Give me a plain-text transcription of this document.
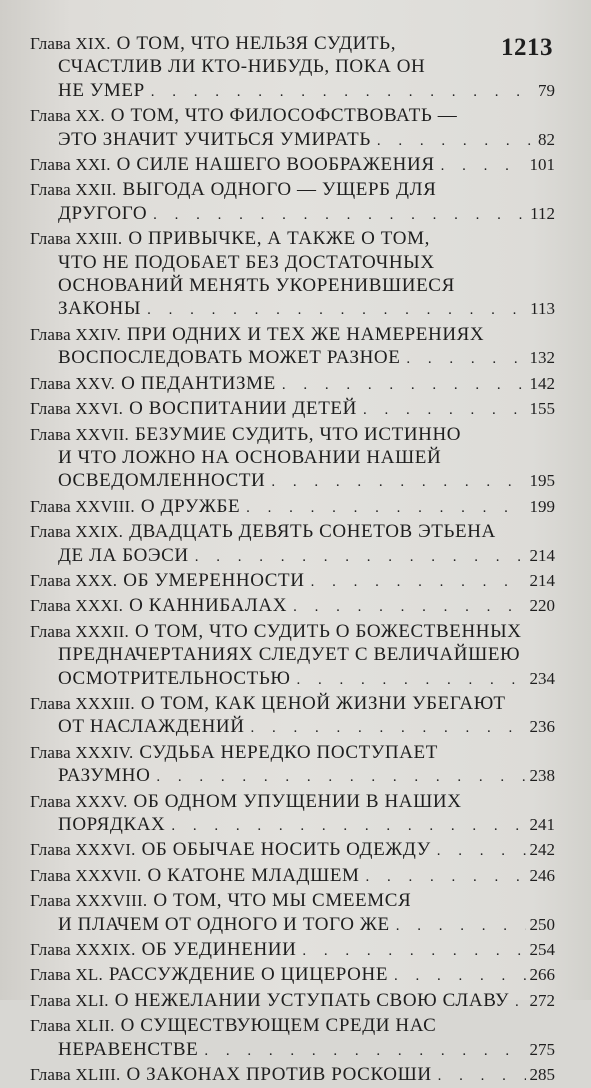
1213
Глава XIX. О ТОМ, ЧТО НЕЛЬЗЯ СУДИТЬ,
СЧАСТЛИВ ЛИ КТО-НИБУДЬ, ПОКА ОН
НЕ УМЕР . . .	79
Глава XX. О ТОМ, ЧТО ФИЛОСОФСТВОВАТЬ —
ЭТО ЗНАЧИТ УЧИТЬСЯ УМИРАТЬ . . .	82
Глава XXI. О СИЛЕ НАШЕГО ВООБРАЖЕНИЯ . . .	101
Глава XXII. ВЫГОДА ОДНОГО — УЩЕРБ ДЛЯ
ДРУГОГО . . .	112
Глава XXIII. О ПРИВЫЧКЕ, А ТАКЖЕ О ТОМ,
ЧТО НЕ ПОДОБАЕТ БЕЗ ДОСТАТОЧНЫХ
ОСНОВАНИЙ МЕНЯТЬ УКОРЕНИВШИЕСЯ
ЗАКОНЫ . . .	113
Глава XXIV. ПРИ ОДНИХ И ТЕХ ЖЕ НАМЕРЕНИЯХ
ВОСПОСЛЕДОВАТЬ МОЖЕТ РАЗНОЕ . . .	132
Глава XXV. О ПЕДАНТИЗМЕ . . .	142
Глава XXVI. О ВОСПИТАНИИ ДЕТЕЙ . . .	155
Глава XXVII. БЕЗУМИЕ СУДИТЬ, ЧТО ИСТИННО
И ЧТО ЛОЖНО НА ОСНОВАНИИ НАШЕЙ
ОСВЕДОМЛЕННОСТИ . . .	195
Глава XXVIII. О ДРУЖБЕ . . .	199
Глава XXIX. ДВАДЦАТЬ ДЕВЯТЬ СОНЕТОВ ЭТЬЕНА
ДЕ ЛА БОЭСИ . . .	214
Глава XXX. ОБ УМЕРЕННОСТИ . . .	214
Глава XXXI. О КАННИБАЛАХ . . .	220
Глава XXXII. О ТОМ, ЧТО СУДИТЬ О БОЖЕСТВЕННЫХ
ПРЕДНАЧЕРТАНИЯХ СЛЕДУЕТ С ВЕЛИЧАЙШЕЮ
ОСМОТРИТЕЛЬНОСТЬЮ . . .	234
Глава XXXIII. О ТОМ, КАК ЦЕНОЙ ЖИЗНИ УБЕГАЮТ
ОТ НАСЛАЖДЕНИЙ . . .	236
Глава XXXIV. СУДЬБА НЕРЕДКО ПОСТУПАЕТ
РАЗУМНО . . .	238
Глава XXXV. ОБ ОДНОМ УПУЩЕНИИ В НАШИХ
ПОРЯДКАХ . . .	241
Глава XXXVI. ОБ ОБЫЧАЕ НОСИТЬ ОДЕЖДУ . . .	242
Глава XXXVII. О КАТОНЕ МЛАДШЕМ . . .	246
Глава XXXVIII. О ТОМ, ЧТО МЫ СМЕЕМСЯ
И ПЛАЧЕМ ОТ ОДНОГО И ТОГО ЖЕ . . .	250
Глава XXXIX. ОБ УЕДИНЕНИИ . . .	254
Глава XL. РАССУЖДЕНИЕ О ЦИЦЕРОНЕ . . .	266
Глава XLI. О НЕЖЕЛАНИИ УСТУПАТЬ СВОЮ СЛАВУ . . . 272
Глава XLII. О СУЩЕСТВУЮЩЕМ СРЕДИ НАС
НЕРАВЕНСТВЕ . . .	275
Глава XLIII. О ЗАКОНАХ ПРОТИВ РОСКОШИ . . .	285
